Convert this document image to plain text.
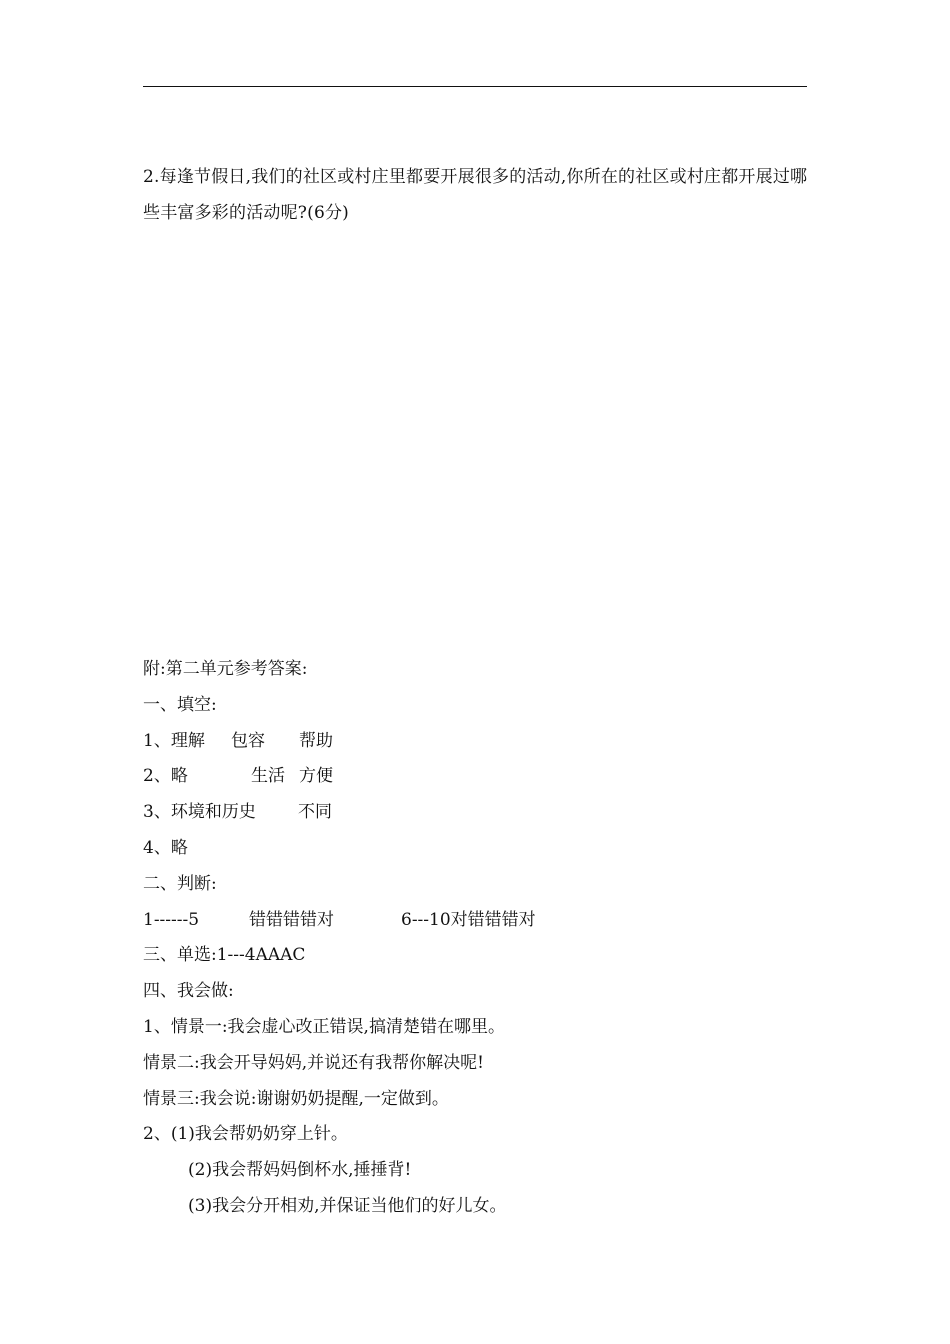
2.每逢节假日,我们的社区或村庄里都要开展很多的活动,你所在的社区或村庄都开展过哪些丰富多彩的活动呢?(6分)
附:第二单元参考答案:
一、填空:
1、理解 包容 帮助
2、略	生活 方便
3、环境和历史 不同
4、略
二、判断:
1------5	错错错错对	6---10对错错错对
三、单选:1---4AAAC
四、我会做:
1、情景一:我会虚心改正错误,搞清楚错在哪里。
情景二:我会开导妈妈,并说还有我帮你解决呢!
情景三:我会说:谢谢奶奶提醒,一定做到。
2、(1)我会帮奶奶穿上针。
(2)我会帮妈妈倒杯水,捶捶背!
(3)我会分开相劝,并保证当他们的好儿女。
